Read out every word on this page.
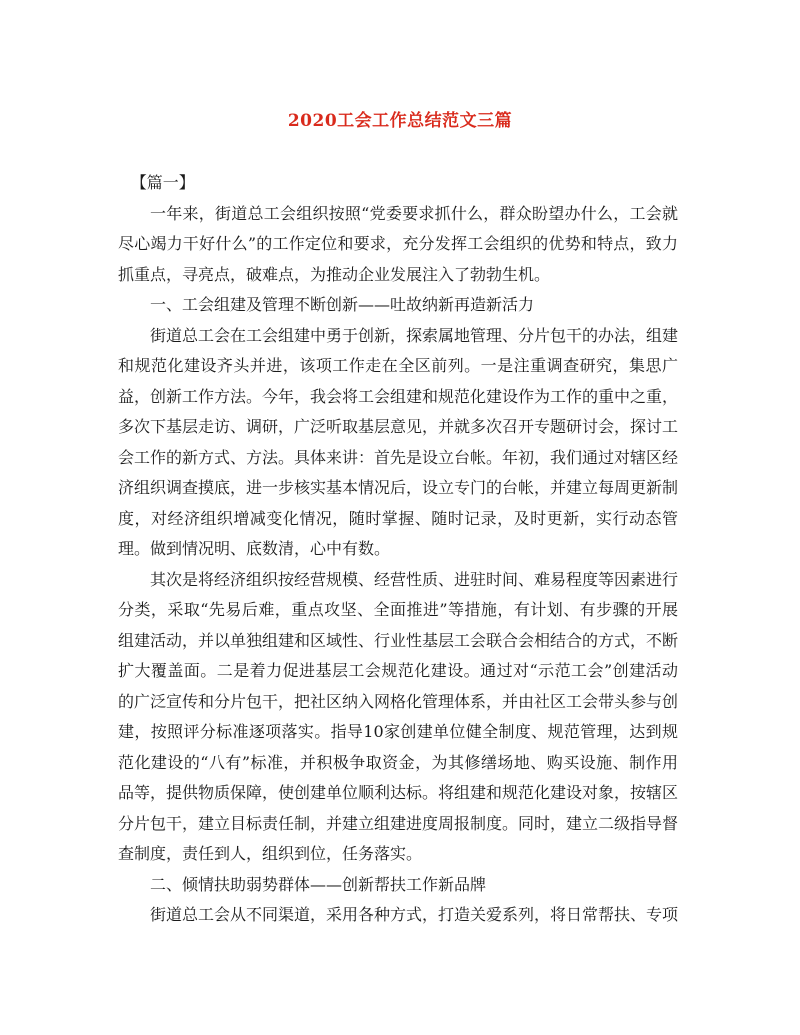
2020工会工作总结范文三篇

【篇一】

一年来，街道总工会组织按照“党委要求抓什么，群众盼望办什么，工会就尽心竭力干好什么”的工作定位和要求，充分发挥工会组织的优势和特点，致力抓重点，寻亮点，破难点，为推动企业发展注入了勃勃生机。

一、工会组建及管理不断创新——吐故纳新再造新活力

街道总工会在工会组建中勇于创新，探索属地管理、分片包干的办法，组建和规范化建设齐头并进，该项工作走在全区前列。一是注重调查研究，集思广益，创新工作方法。今年，我会将工会组建和规范化建设作为工作的重中之重，多次下基层走访、调研，广泛听取基层意见，并就多次召开专题研讨会，探讨工会工作的新方式、方法。具体来讲：首先是设立台帐。年初，我们通过对辖区经济组织调查摸底，进一步核实基本情况后，设立专门的台帐，并建立每周更新制度，对经济组织增减变化情况，随时掌握、随时记录，及时更新，实行动态管理。做到情况明、底数清，心中有数。

其次是将经济组织按经营规模、经营性质、进驻时间、难易程度等因素进行分类，采取“先易后难，重点攻坚、全面推进”等措施，有计划、有步骤的开展组建活动，并以单独组建和区域性、行业性基层工会联合会相结合的方式，不断扩大覆盖面。二是着力促进基层工会规范化建设。通过对“示范工会”创建活动的广泛宣传和分片包干，把社区纳入网格化管理体系，并由社区工会带头参与创建，按照评分标准逐项落实。指导10家创建单位健全制度、规范管理，达到规范化建设的“八有”标准，并积极争取资金，为其修缮场地、购买设施、制作用品等，提供物质保障，使创建单位顺利达标。将组建和规范化建设对象，按辖区分片包干，建立目标责任制，并建立组建进度周报制度。同时，建立二级指导督查制度，责任到人，组织到位，任务落实。

二、倾情扶助弱势群体——创新帮扶工作新品牌

街道总工会从不同渠道，采用各种方式，打造关爱系列，将日常帮扶、专项
